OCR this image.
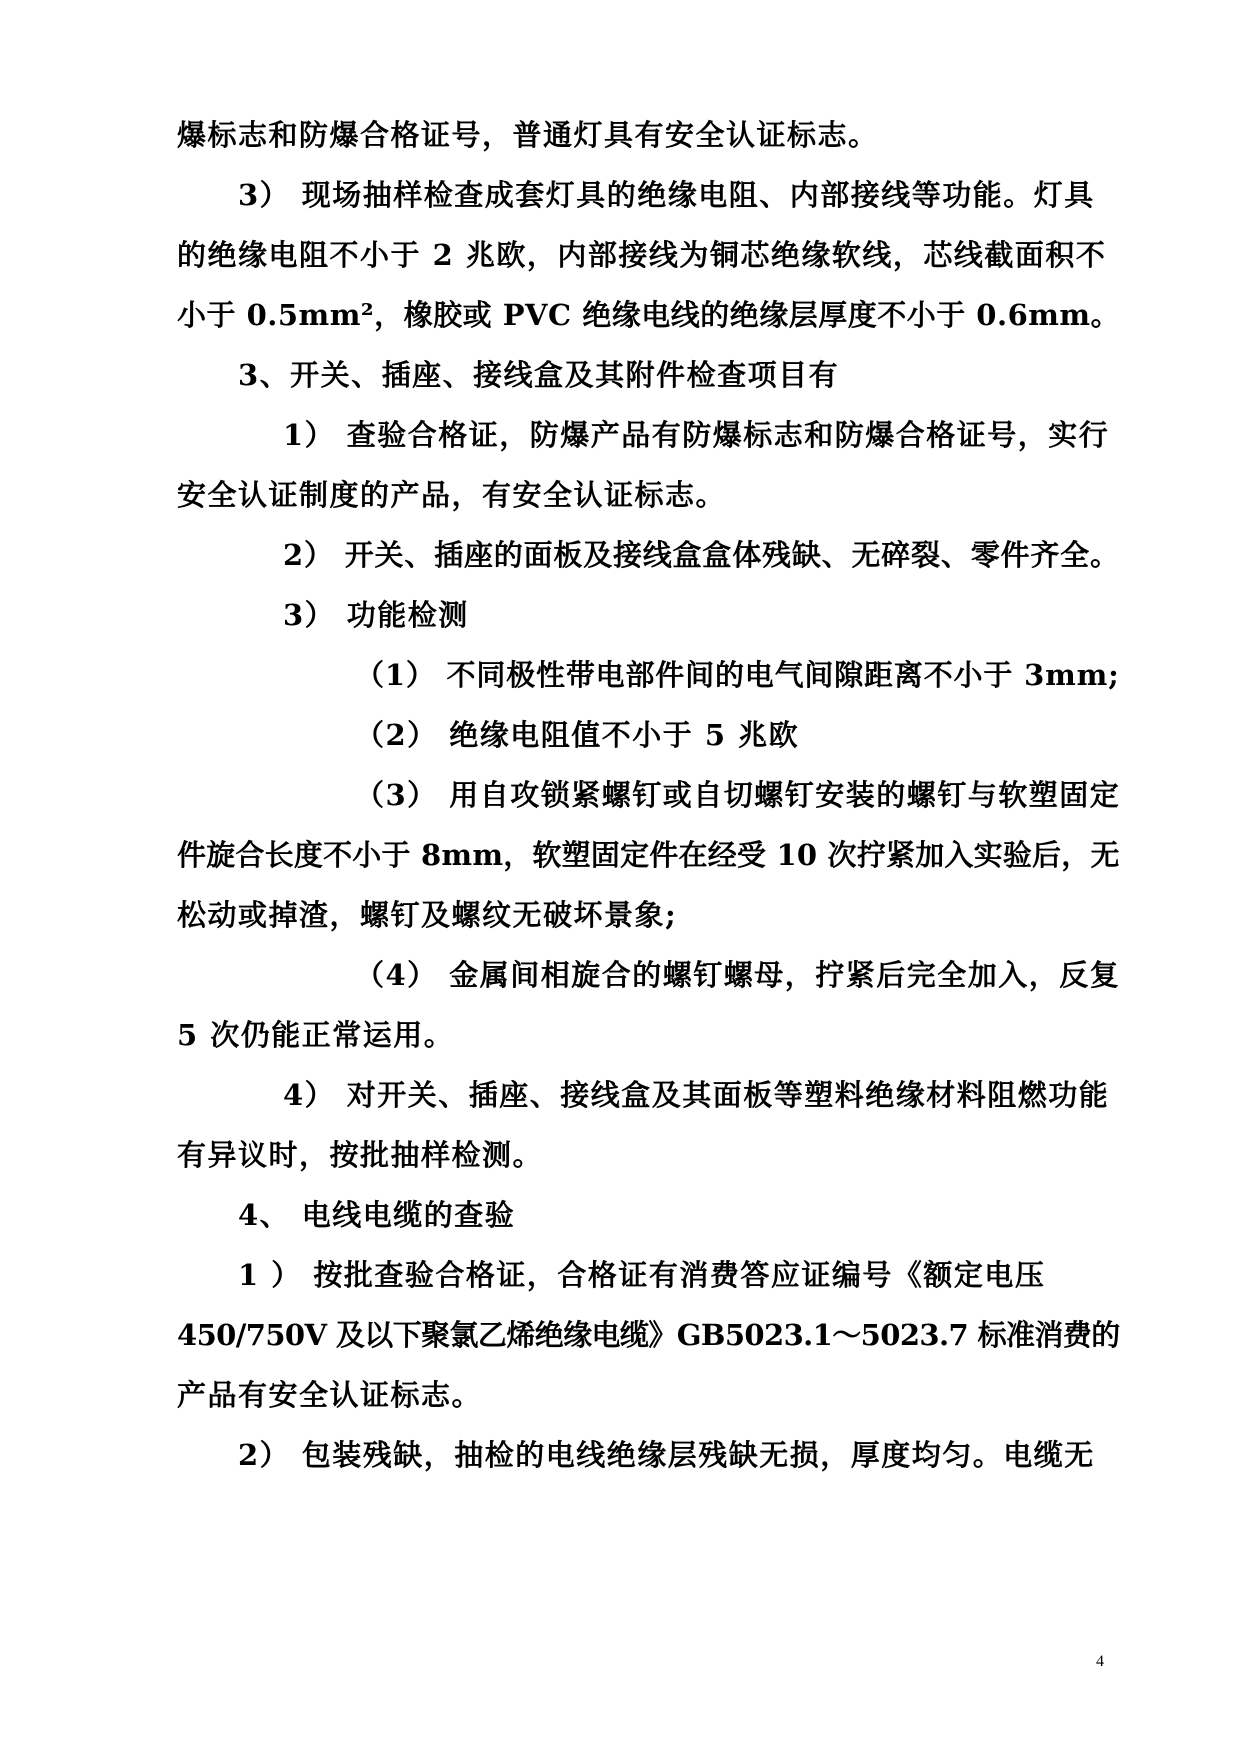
爆标志和防爆合格证号，普通灯具有安全认证标志。
3） 现场抽样检查成套灯具的绝缘电阻、内部接线等功能。灯具
的绝缘电阻不小于 2 兆欧，内部接线为铜芯绝缘软线，芯线截面积不
小于 0.5mm²，橡胶或 PVC 绝缘电线的绝缘层厚度不小于 0.6mm。
3、开关、插座、接线盒及其附件检查项目有
1） 查验合格证，防爆产品有防爆标志和防爆合格证号，实行
安全认证制度的产品，有安全认证标志。
2） 开关、插座的面板及接线盒盒体残缺、无碎裂、零件齐全。
3） 功能检测
（1） 不同极性带电部件间的电气间隙距离不小于 3mm;
（2） 绝缘电阻值不小于 5 兆欧
（3） 用自攻锁紧螺钉或自切螺钉安装的螺钉与软塑固定
件旋合长度不小于 8mm，软塑固定件在经受 10 次拧紧加入实验后，无
松动或掉渣，螺钉及螺纹无破坏景象;
（4） 金属间相旋合的螺钉螺母，拧紧后完全加入，反复
5 次仍能正常运用。
4） 对开关、插座、接线盒及其面板等塑料绝缘材料阻燃功能
有异议时，按批抽样检测。
4、 电线电缆的查验
1 ） 按批查验合格证，合格证有消费答应证编号《额定电压
450/750V 及以下聚氯乙烯绝缘电缆》GB5023.1～5023.7 标准消费的
产品有安全认证标志。
2） 包装残缺，抽检的电线绝缘层残缺无损，厚度均匀。电缆无
4
